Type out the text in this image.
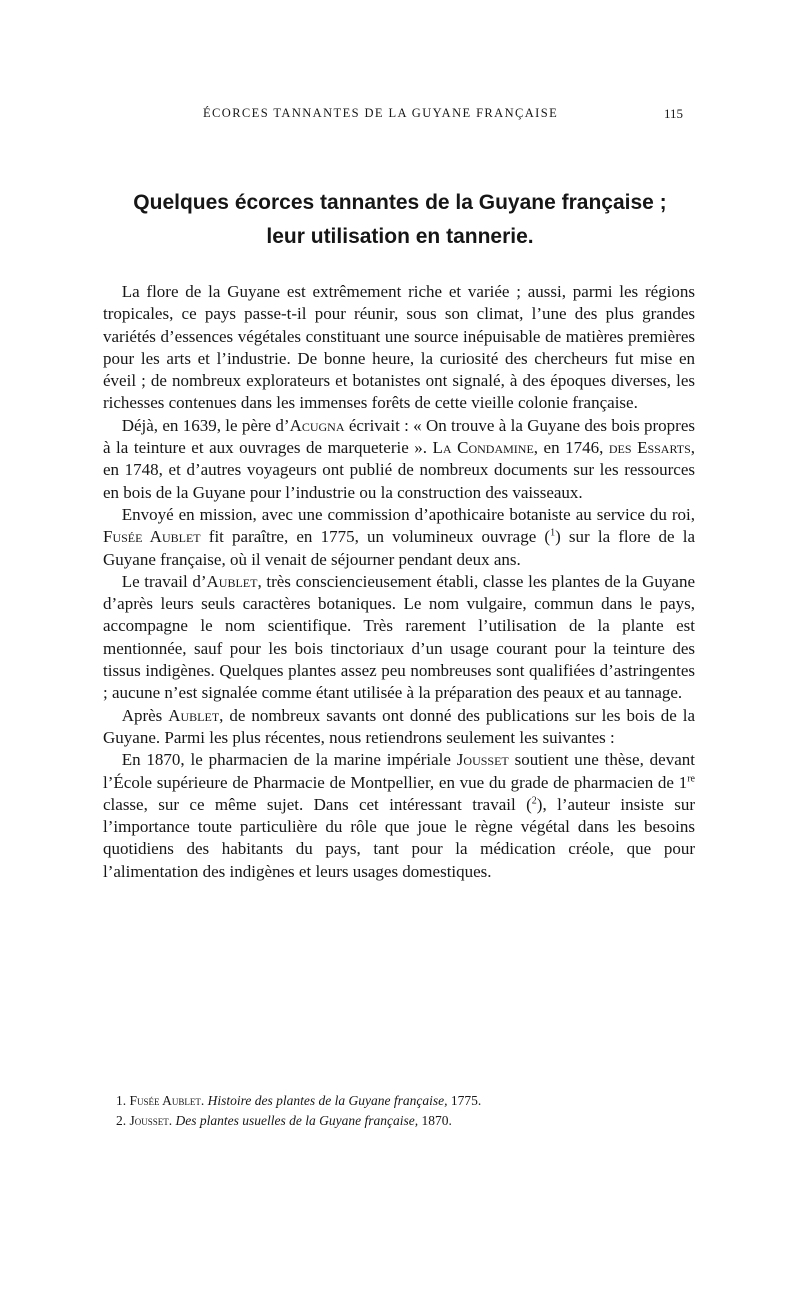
ÉCORCES TANNANTES DE LA GUYANE FRANÇAISE	115
Quelques écorces tannantes de la Guyane française ;
leur utilisation en tannerie.

La flore de la Guyane est extrêmement riche et variée ; aussi, parmi les régions tropicales, ce pays passe-t-il pour réunir, sous son climat, l’une des plus grandes variétés d’essences végétales constituant une source inépuisable de matières premières pour les arts et l’industrie. De bonne heure, la curiosité des chercheurs fut mise en éveil ; de nombreux explorateurs et botanistes ont signalé, à des époques diverses, les richesses contenues dans les immenses forêts de cette vieille colonie française.

Déjà, en 1639, le père d’Acugna écrivait : « On trouve à la Guyane des bois propres à la teinture et aux ouvrages de marqueterie ». La Condamine, en 1746, des Essarts, en 1748, et d’autres voyageurs ont publié de nombreux documents sur les ressources en bois de la Guyane pour l’industrie ou la construction des vaisseaux.

Envoyé en mission, avec une commission d’apothicaire botaniste au service du roi, Fusée Aublet fit paraître, en 1775, un volumineux ouvrage ($^1$) sur la flore de la Guyane française, où il venait de séjourner pendant deux ans.

Le travail d’Aublet, très consciencieusement établi, classe les plantes de la Guyane d’après leurs seuls caractères botaniques. Le nom vulgaire, commun dans le pays, accompagne le nom scientifique. Très rarement l’utilisation de la plante est mentionnée, sauf pour les bois tinctoriaux d’un usage courant pour la teinture des tissus indigènes. Quelques plantes assez peu nombreuses sont qualifiées d’astringentes ; aucune n’est signalée comme étant utilisée à la préparation des peaux et au tannage.

Après Aublet, de nombreux savants ont donné des publications sur les bois de la Guyane. Parmi les plus récentes, nous retiendrons seulement les suivantes :

En 1870, le pharmacien de la marine impériale Jousset soutient une thèse, devant l’École supérieure de Pharmacie de Montpellier, en vue du grade de pharmacien de 1re classe, sur ce même sujet. Dans cet intéressant travail ($^2$), l’auteur insiste sur l’importance toute particulière du rôle que joue le règne végétal dans les besoins quotidiens des habitants du pays, tant pour la médication créole, que pour l’alimentation des indigènes et leurs usages domestiques.

1. Fusée Aublet. Histoire des plantes de la Guyane française, 1775.

2. Jousset. Des plantes usuelles de la Guyane française, 1870.
